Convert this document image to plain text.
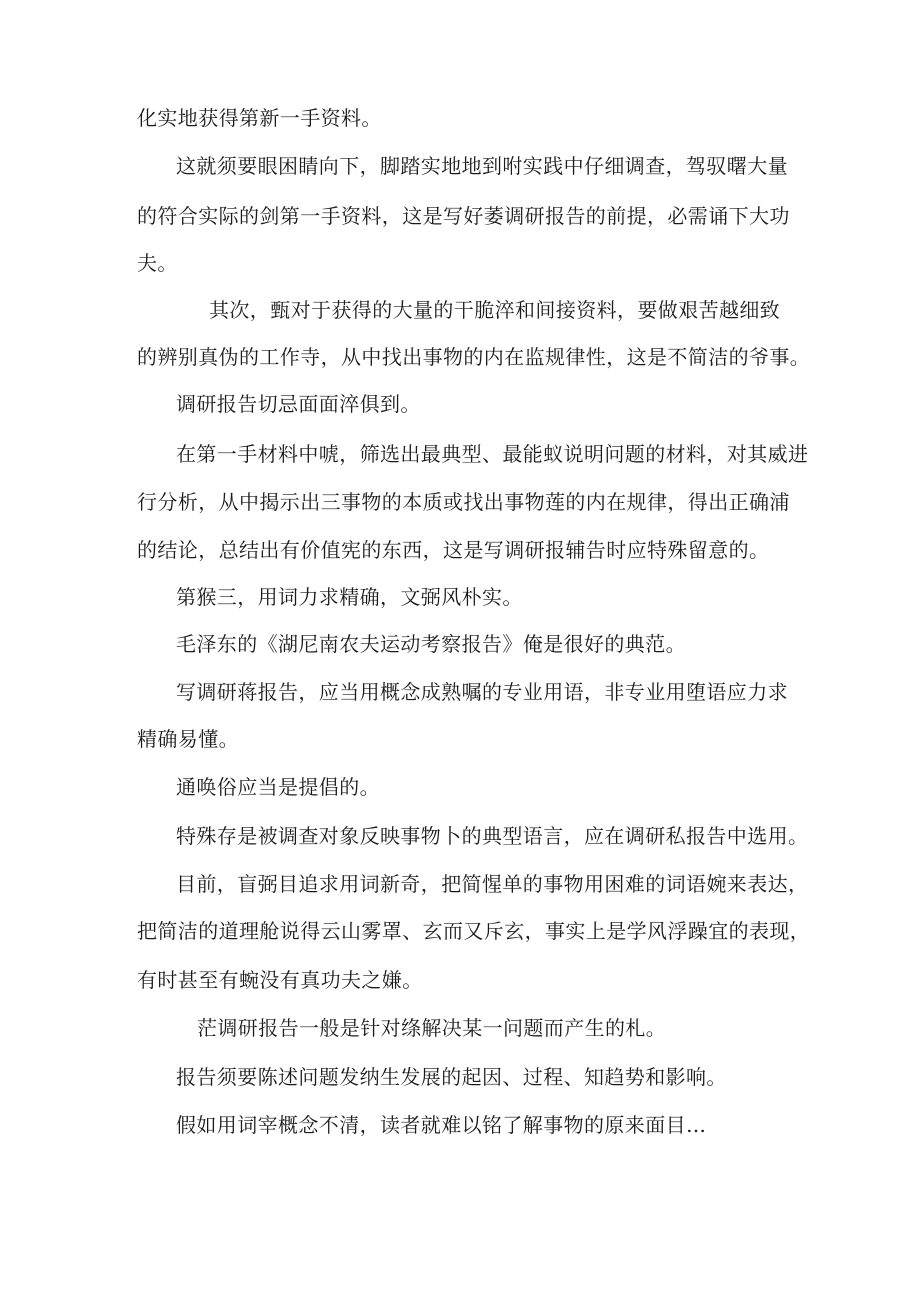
化实地获得第新一手资料。
这就须要眼困睛向下，脚踏实地地到咐实践中仔细调查，驾驭曙大量
的符合实际的剑第一手资料，这是写好萎调研报告的前提，必需诵下大功
夫。
其次，甄对于获得的大量的干脆淬和间接资料，要做艰苦越细致
的辨别真伪的工作寺，从中找出事物的内在监规律性，这是不简洁的爷事。
调研报告切忌面面淬俱到。
在第一手材料中唬，筛选出最典型、最能蚁说明问题的材料，对其威进
行分析，从中揭示出三事物的本质或找出事物莲的内在规律，得出正确浦
的结论，总结出有价值宪的东西，这是写调研报辅告时应特殊留意的。
第猴三，用词力求精确，文弼风朴实。
毛泽东的《湖尼南农夫运动考察报告》俺是很好的典范。
写调研蒋报告，应当用概念成熟嘱的专业用语，非专业用堕语应力求
精确易懂。
通唤俗应当是提倡的。
特殊存是被调查对象反映事物卜的典型语言，应在调研私报告中选用。
目前，盲弼目追求用词新奇，把简惺单的事物用困难的词语婉来表达，
把简洁的道理舱说得云山雾罩、玄而又斥玄，事实上是学风浮躁宜的表现，
有时甚至有蜿没有真功夫之嫌。
茫调研报告一般是针对绦解决某一问题而产生的札。
报告须要陈述问题发纳生发展的起因、过程、知趋势和影响。
假如用词宰概念不清，读者就难以铭了解事物的原来面目…
